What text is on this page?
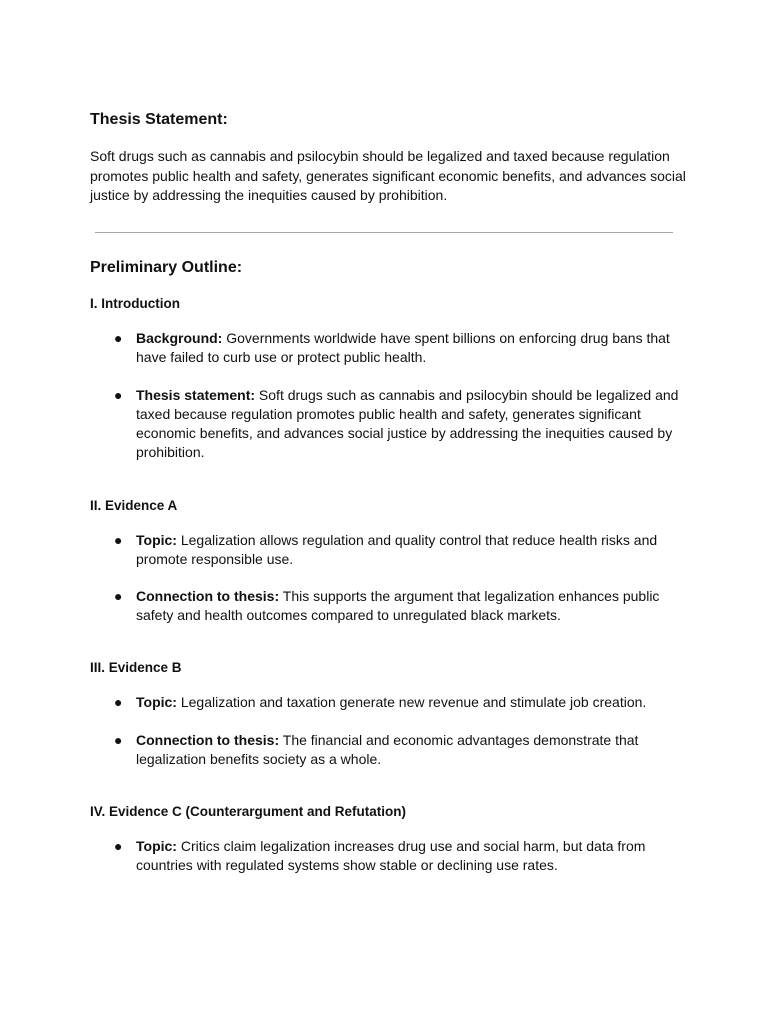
Thesis Statement:

Soft drugs such as cannabis and psilocybin should be legalized and taxed because regulation promotes public health and safety, generates significant economic benefits, and advances social justice by addressing the inequities caused by prohibition.

Preliminary Outline:
I. Introduction
● Background: Governments worldwide have spent billions on enforcing drug bans that have failed to curb use or protect public health.
● Thesis statement: Soft drugs such as cannabis and psilocybin should be legalized and taxed because regulation promotes public health and safety, generates significant economic benefits, and advances social justice by addressing the inequities caused by prohibition.
II. Evidence A
● Topic: Legalization allows regulation and quality control that reduce health risks and promote responsible use.
● Connection to thesis: This supports the argument that legalization enhances public safety and health outcomes compared to unregulated black markets.
III. Evidence B
● Topic: Legalization and taxation generate new revenue and stimulate job creation.
● Connection to thesis: The financial and economic advantages demonstrate that legalization benefits society as a whole.
IV. Evidence C (Counterargument and Refutation)
● Topic: Critics claim legalization increases drug use and social harm, but data from countries with regulated systems show stable or declining use rates.
